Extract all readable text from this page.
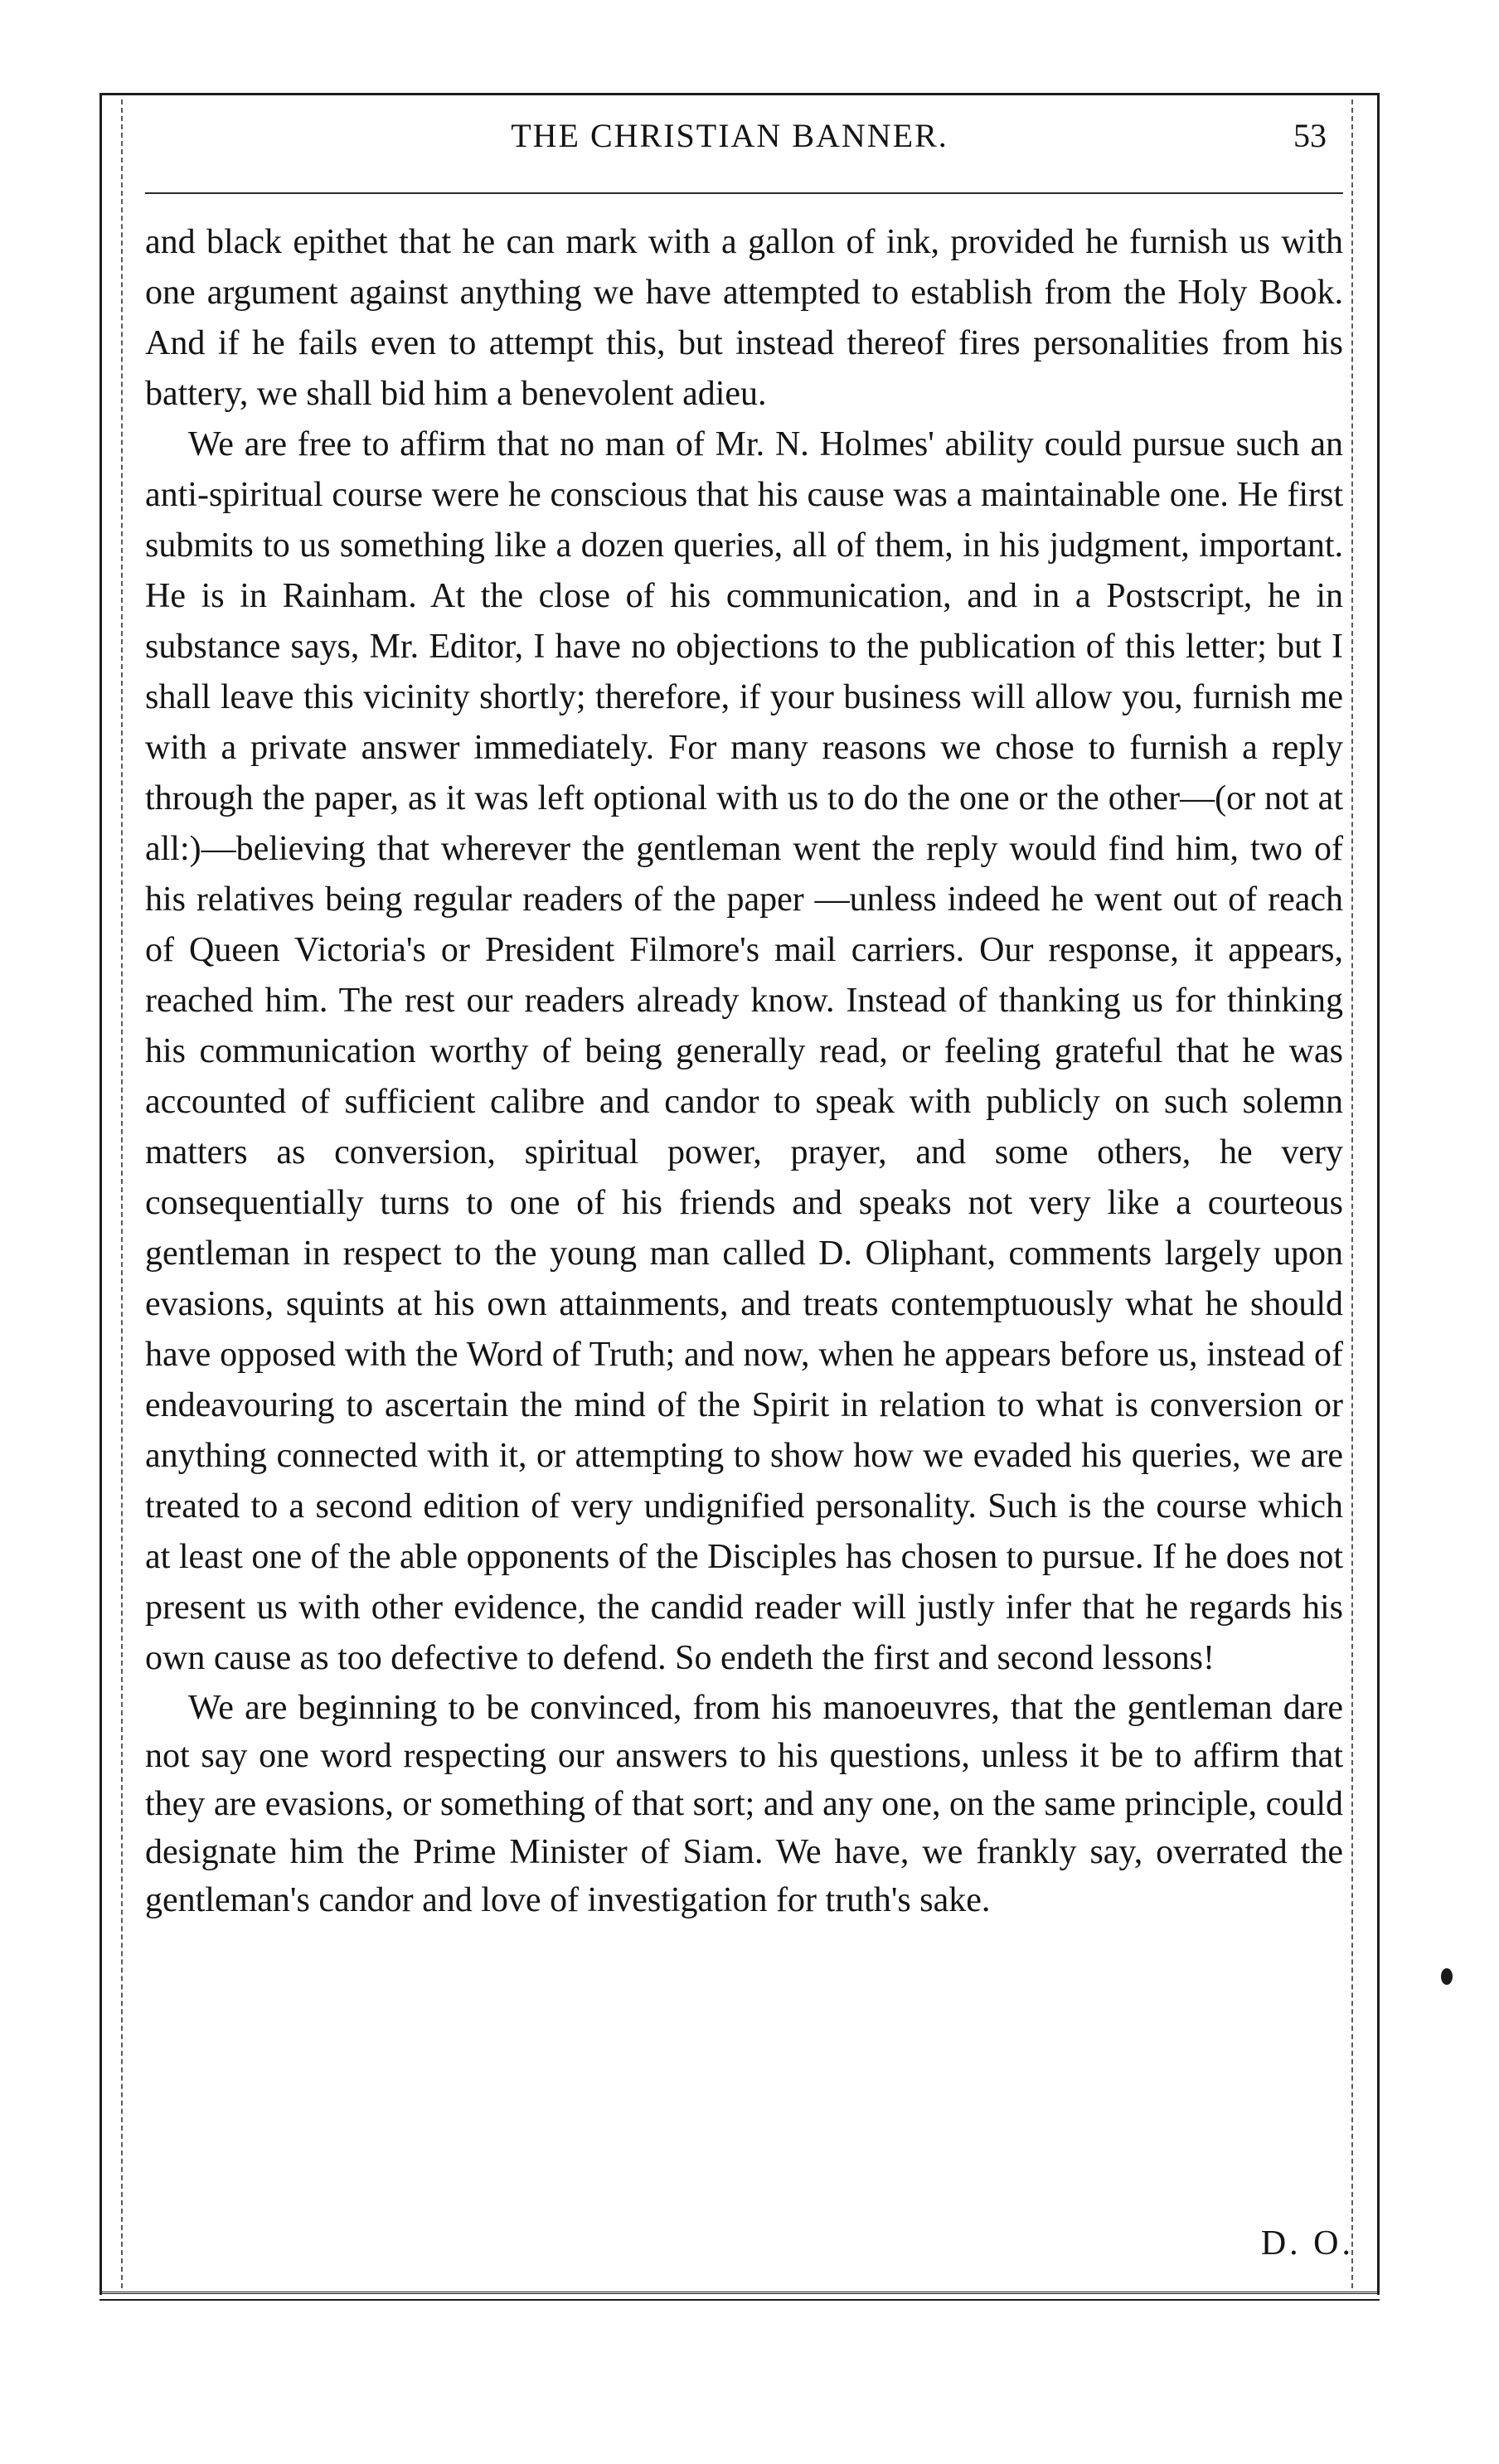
THE CHRISTIAN BANNER.	53

and black epithet that he can mark with a gallon of ink, provided he furnish us with one argument against anything we have attempted to establish from the Holy Book. And if he fails even to attempt this, but instead thereof fires personalities from his battery, we shall bid him a benevolent adieu.

We are free to affirm that no man of Mr. N. Holmes' ability could pursue such an anti-spiritual course were he conscious that his cause was a maintainable one. He first submits to us something like a dozen queries, all of them, in his judgment, important. He is in Rainham. At the close of his communication, and in a Postscript, he in substance says, Mr. Editor, I have no objections to the publication of this letter; but I shall leave this vicinity shortly; therefore, if your business will allow you, furnish me with a private answer immediately. For many reasons we chose to furnish a reply through the paper, as it was left optional with us to do the one or the other—(or not at all:)—believing that wherever the gentleman went the reply would find him, two of his relatives being regular readers of the paper —unless indeed he went out of reach of Queen Victoria's or President Filmore's mail carriers. Our response, it appears, reached him. The rest our readers already know. Instead of thanking us for thinking his communication worthy of being generally read, or feeling grateful that he was accounted of sufficient calibre and candor to speak with publicly on such solemn matters as conversion, spiritual power, prayer, and some others, he very consequentially turns to one of his friends and speaks not very like a courteous gentleman in respect to the young man called D. Oliphant, comments largely upon evasions, squints at his own attainments, and treats contemptuously what he should have opposed with the Word of Truth; and now, when he appears before us, instead of endeavouring to ascertain the mind of the Spirit in relation to what is conversion or anything connected with it, or attempting to show how we evaded his queries, we are treated to a second edition of very undignified personality. Such is the course which at least one of the able opponents of the Disciples has chosen to pursue. If he does not present us with other evidence, the candid reader will justly infer that he regards his own cause as too defective to defend. So endeth the first and second lessons!

We are beginning to be convinced, from his manoeuvres, that the gentleman dare not say one word respecting our answers to his questions, unless it be to affirm that they are evasions, or something of that sort; and any one, on the same principle, could designate him the Prime Minister of Siam. We have, we frankly say, overrated the gentleman's candor and love of investigation for truth's sake.

D. O.
